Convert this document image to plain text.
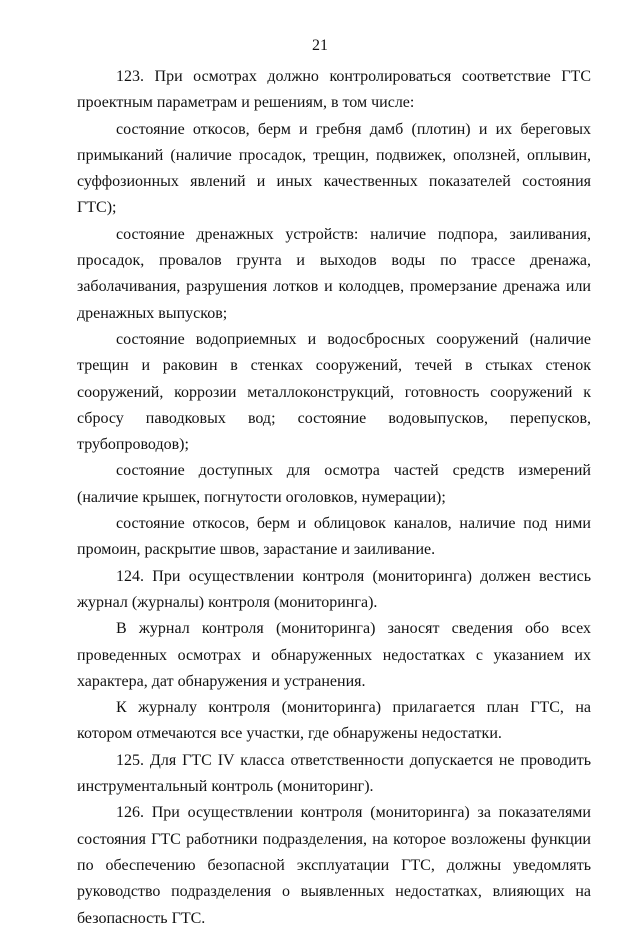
21

123. При осмотрах должно контролироваться соответствие ГТС проектным параметрам и решениям, в том числе:

состояние откосов, берм и гребня дамб (плотин) и их береговых примыканий (наличие просадок, трещин, подвижек, оползней, оплывин, суффозионных явлений и иных качественных показателей состояния ГТС);

состояние дренажных устройств: наличие подпора, заиливания, просадок, провалов грунта и выходов воды по трассе дренажа, заболачивания, разрушения лотков и колодцев, промерзание дренажа или дренажных выпусков;

состояние водоприемных и водосбросных сооружений (наличие трещин и раковин в стенках сооружений, течей в стыках стенок сооружений, коррозии металлоконструкций, готовность сооружений к сбросу паводковых вод; состояние водовыпусков, перепусков, трубопроводов);

состояние доступных для осмотра частей средств измерений (наличие крышек, погнутости оголовков, нумерации);

состояние откосов, берм и облицовок каналов, наличие под ними промоин, раскрытие швов, зарастание и заиливание.

124. При осуществлении контроля (мониторинга) должен вестись журнал (журналы) контроля (мониторинга).

В журнал контроля (мониторинга) заносят сведения обо всех проведенных осмотрах и обнаруженных недостатках с указанием их характера, дат обнаружения и устранения.

К журналу контроля (мониторинга) прилагается план ГТС, на котором отмечаются все участки, где обнаружены недостатки.

125. Для ГТС IV класса ответственности допускается не проводить инструментальный контроль (мониторинг).

126. При осуществлении контроля (мониторинга) за показателями состояния ГТС работники подразделения, на которое возложены функции по обеспечению безопасной эксплуатации ГТС, должны уведомлять руководство подразделения о выявленных недостатках, влияющих на безопасность ГТС.
